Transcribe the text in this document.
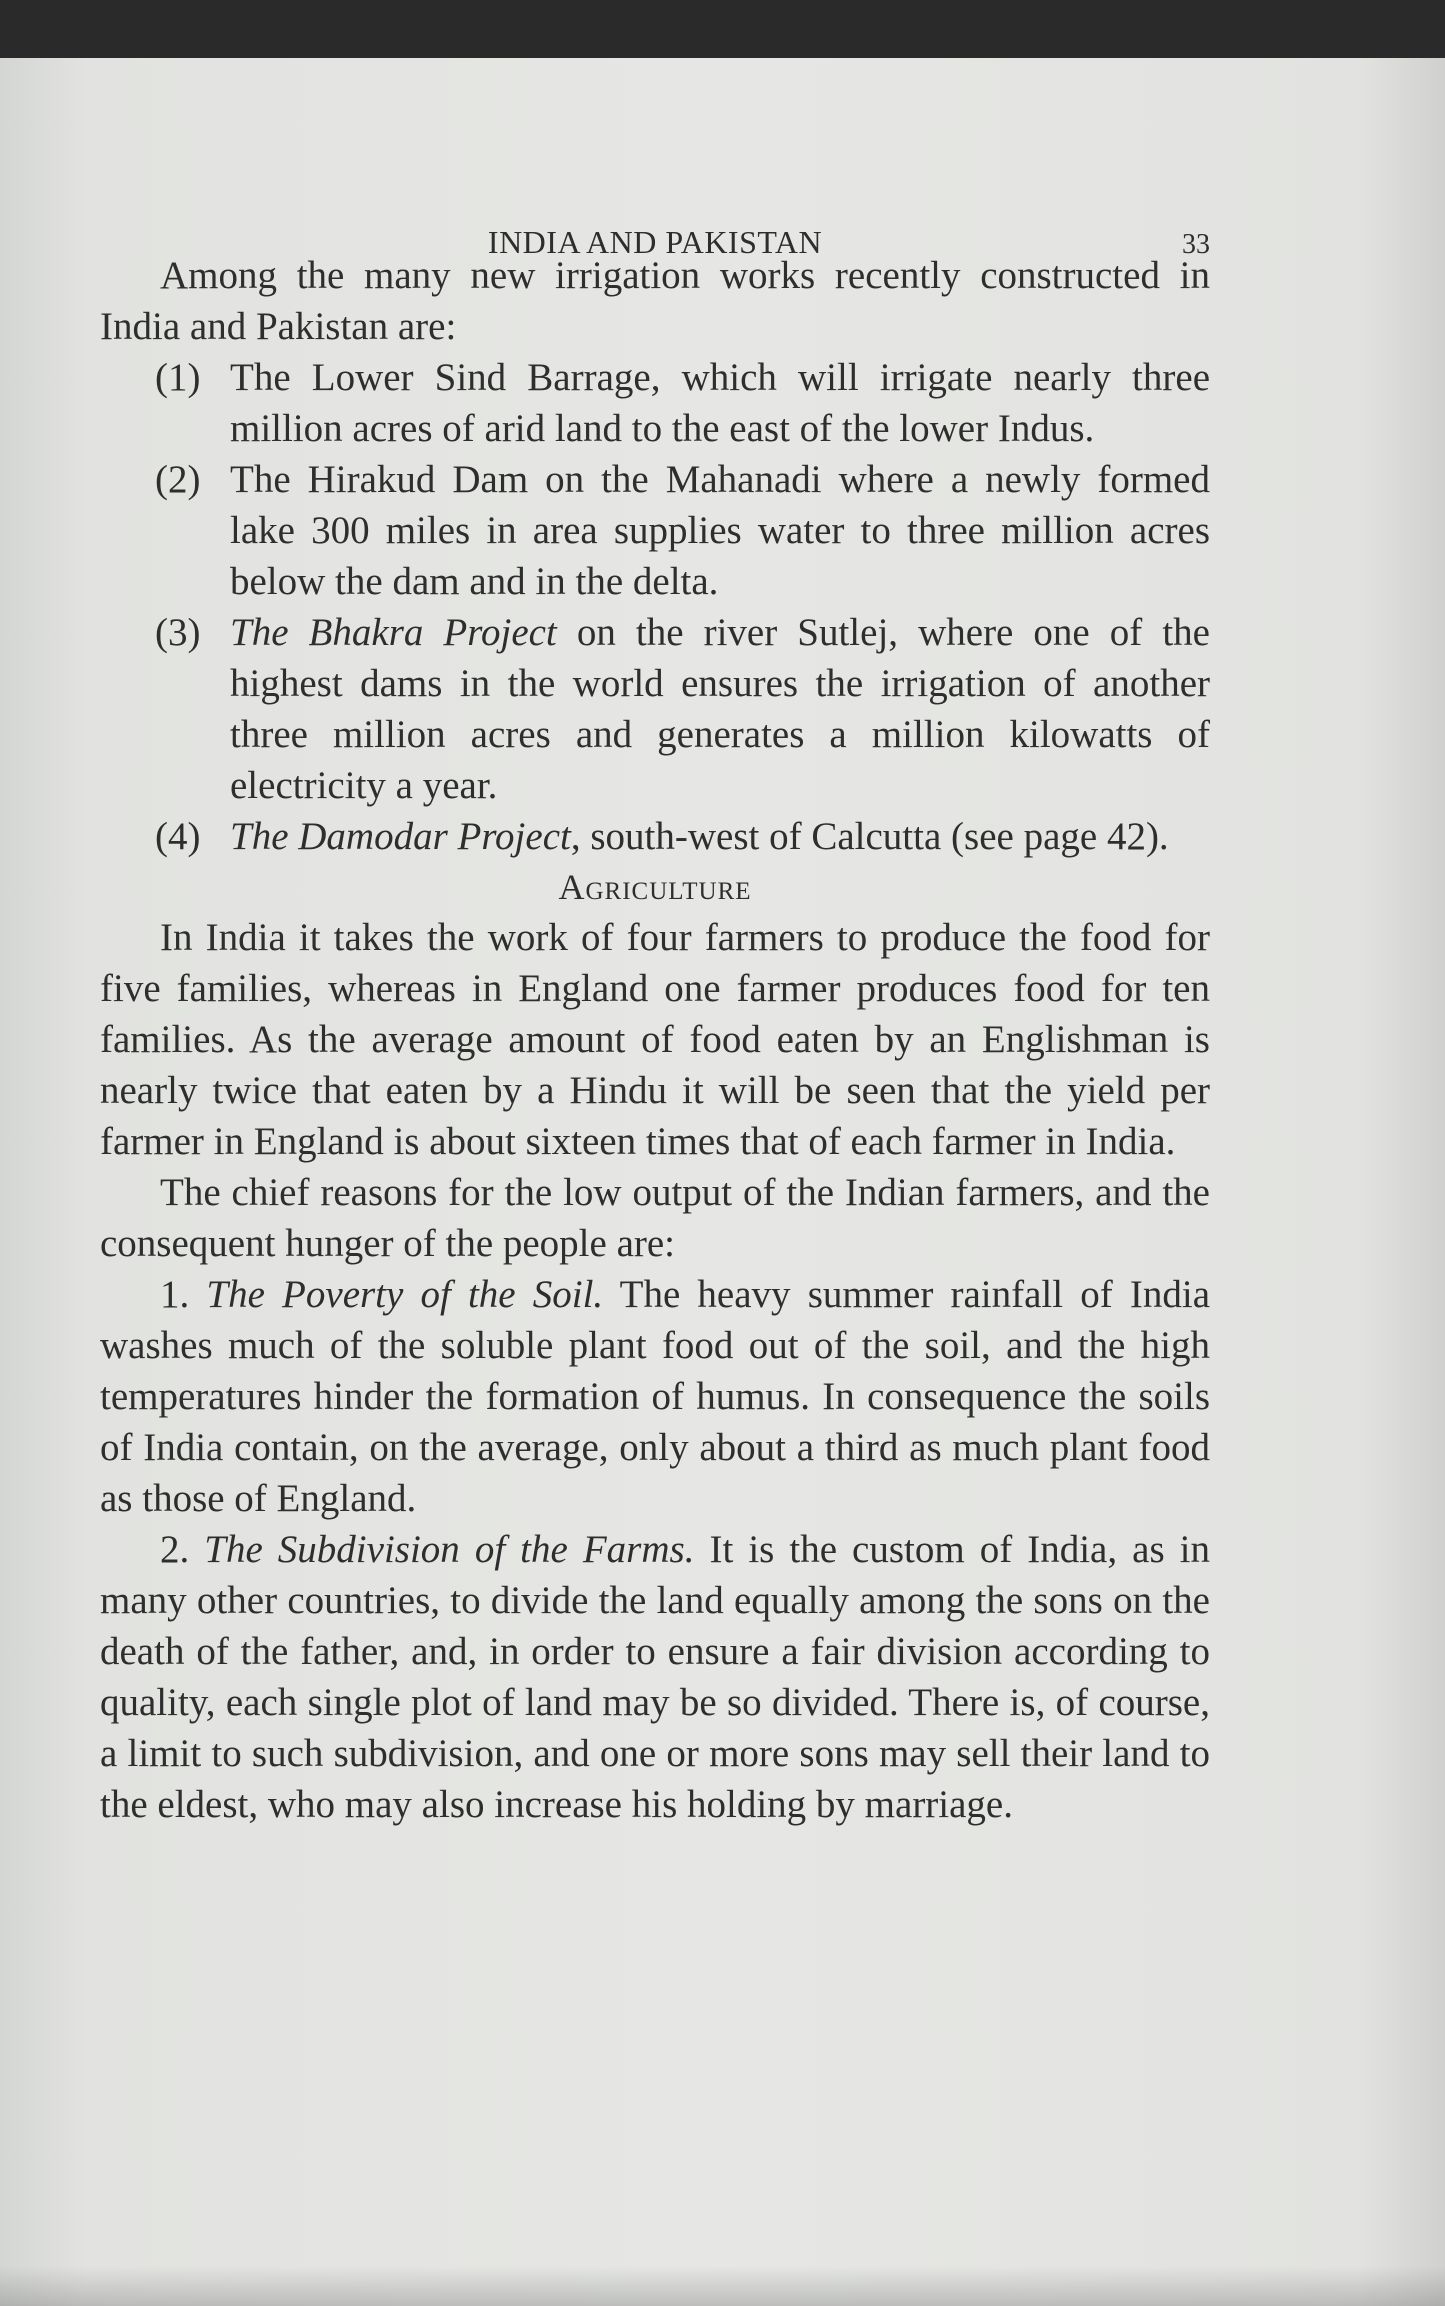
INDIA AND PAKISTAN	33

Among the many new irrigation works recently constructed in India and Pakistan are:

(1) The Lower Sind Barrage, which will irrigate nearly three million acres of arid land to the east of the lower Indus.
(2) The Hirakud Dam on the Mahanadi where a newly formed lake 300 miles in area supplies water to three million acres below the dam and in the delta.
(3) The Bhakra Project on the river Sutlej, where one of the highest dams in the world ensures the irrigation of another three million acres and generates a million kilowatts of electricity a year.
(4) The Damodar Project, south-west of Calcutta (see page 42).
Agriculture

In India it takes the work of four farmers to produce the food for five families, whereas in England one farmer produces food for ten families. As the average amount of food eaten by an Englishman is nearly twice that eaten by a Hindu it will be seen that the yield per farmer in England is about sixteen times that of each farmer in India.

The chief reasons for the low output of the Indian farmers, and the consequent hunger of the people are:

1. The Poverty of the Soil. The heavy summer rainfall of India washes much of the soluble plant food out of the soil, and the high temperatures hinder the formation of humus. In consequence the soils of India contain, on the average, only about a third as much plant food as those of England.

2. The Subdivision of the Farms. It is the custom of India, as in many other countries, to divide the land equally among the sons on the death of the father, and, in order to ensure a fair division according to quality, each single plot of land may be so divided. There is, of course, a limit to such subdivision, and one or more sons may sell their land to the eldest, who may also increase his holding by marriage.
